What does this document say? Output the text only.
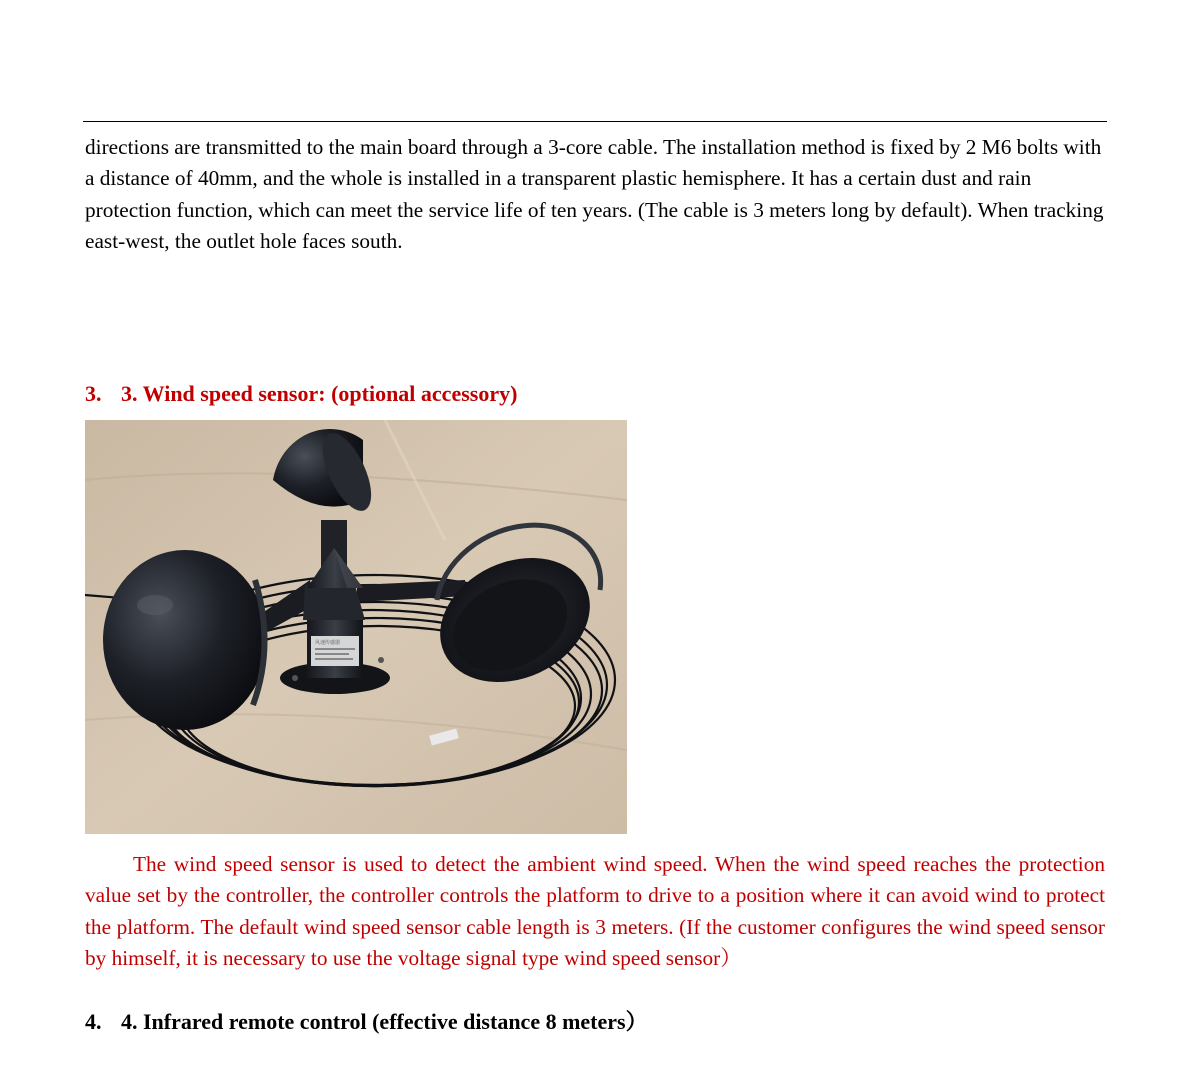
directions are transmitted to the main board through a 3-core cable. The installation method is fixed by 2 M6 bolts with a distance of 40mm, and the whole is installed in a transparent plastic hemisphere. It has a certain dust and rain protection function, which can meet the service life of ten years. (The cable is 3 meters long by default). When tracking east-west, the outlet hole faces south.

3. 3. Wind speed sensor: (optional accessory)
风速传感器

The wind speed sensor is used to detect the ambient wind speed. When the wind speed reaches the protection value set by the controller, the controller controls the platform to drive to a position where it can avoid wind to protect the platform. The default wind speed sensor cable length is 3 meters. (If the customer configures the wind speed sensor by himself, it is necessary to use the voltage signal type wind speed sensor）

4. 4. Infrared remote control (effective distance 8 meters）
